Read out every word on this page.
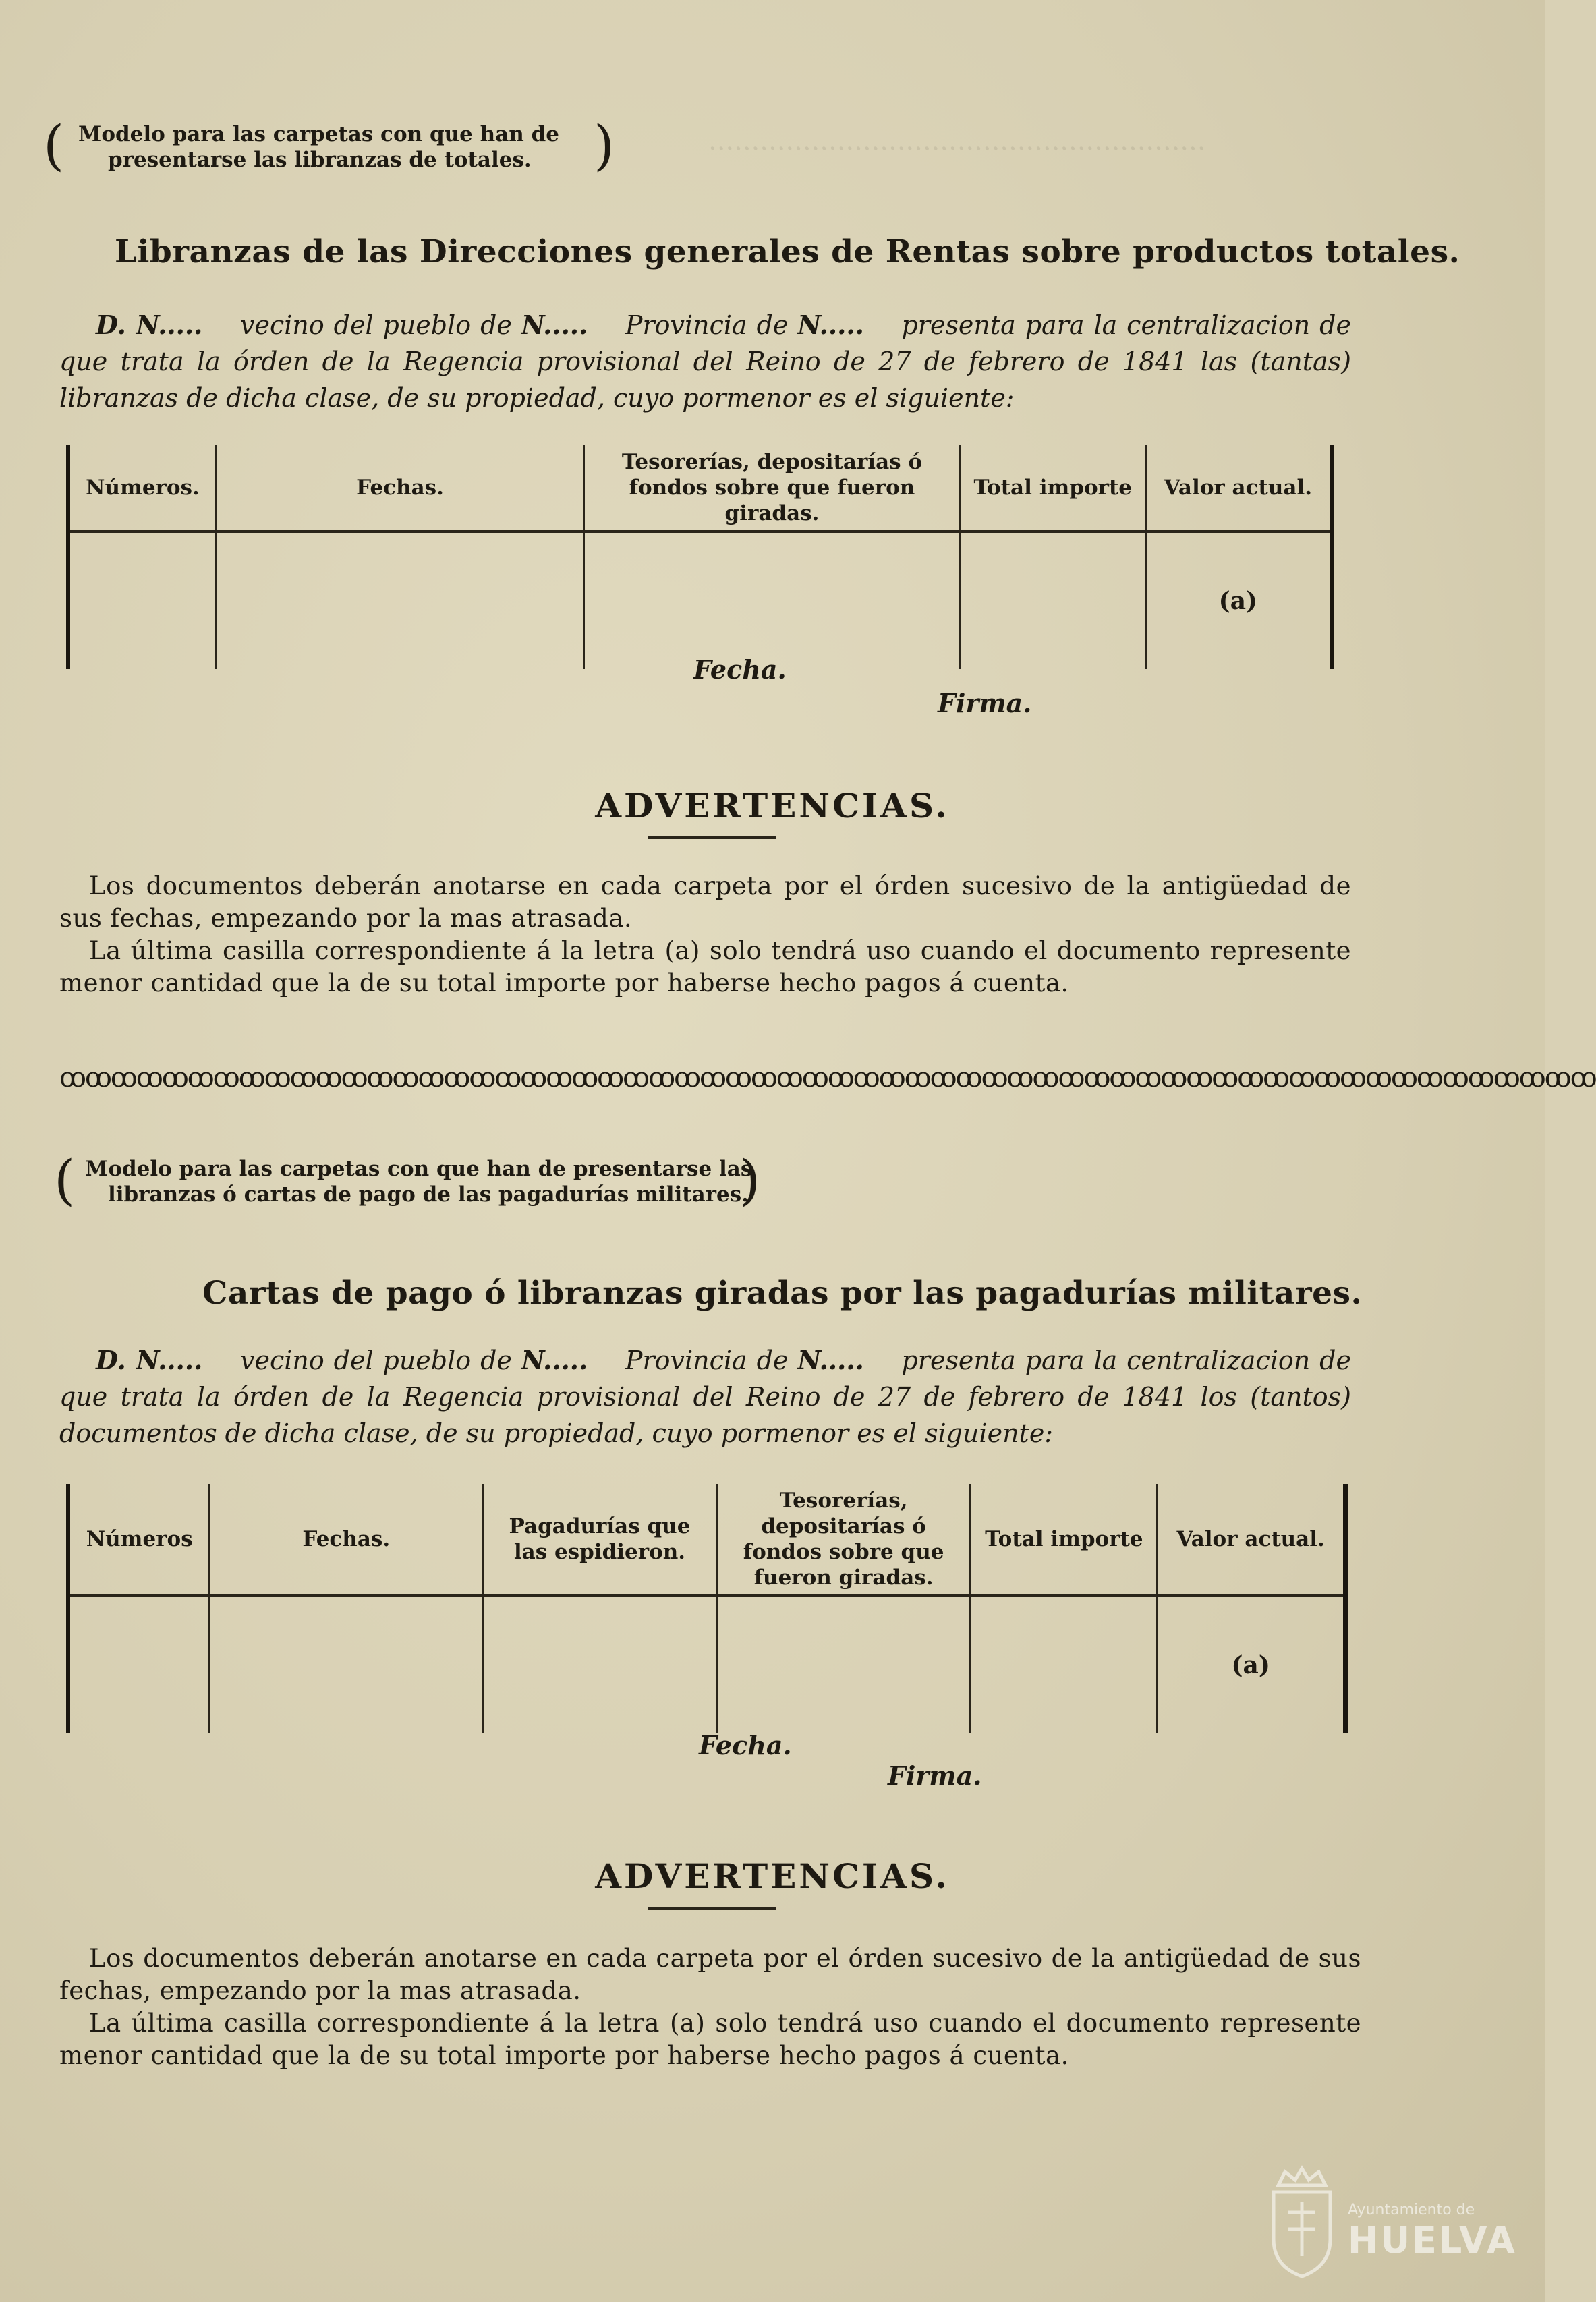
..........................................................
( Modelo para las carpetas con que han de
presentarse las libranzas de totales.	)
Libranzas de las Direcciones generales de Rentas sobre productos totales.
D. N..... vecino del pueblo de N..... Provincia de N..... presenta para la centralizacion de que trata la órden de la Regencia provisional del Reino de 27 de febrero de 1841 las (tantas) libranzas de dicha clase, de su propiedad, cuyo pormenor es el siguiente:
Números.	Fechas.	Tesorerías, depositarías ó fondos sobre que fueron giradas.	Total importe	Valor actual.
				(a)
Fecha.
Firma.
ADVERTENCIAS.

Los documentos deberán anotarse en cada carpeta por el órden sucesivo de la antigüedad de sus fechas, empezando por la mas atrasada.

La última casilla correspondiente á la letra (a) solo tendrá uso cuando el documento represente menor cantidad que la de su total importe por haberse hecho pagos á cuenta.

ꝏꝏꝏꝏꝏꝏꝏꝏꝏꝏꝏꝏꝏꝏꝏꝏꝏꝏꝏꝏꝏꝏꝏꝏꝏꝏꝏꝏꝏꝏꝏꝏꝏꝏꝏꝏꝏꝏꝏꝏꝏꝏꝏꝏꝏꝏꝏꝏꝏꝏꝏꝏꝏꝏꝏꝏꝏꝏꝏꝏ
( Modelo para las carpetas con que han de presentarse las
libranzas ó cartas de pago de las pagadurías militares.
)
Cartas de pago ó libranzas giradas por las pagadurías militares.
D. N..... vecino del pueblo de N..... Provincia de N..... presenta para la centralizacion de que trata la órden de la Regencia provisional del Reino de 27 de febrero de 1841 los (tantos) documentos de dicha clase, de su propiedad, cuyo pormenor es el siguiente:
Números	Fechas.	Pagadurías que las espidieron.	Tesorerías, depositarías ó fondos sobre que fueron giradas.	Total importe	Valor actual.
					(a)
Fecha.
Firma.
ADVERTENCIAS.

Los documentos deberán anotarse en cada carpeta por el órden sucesivo de la antigüedad de sus fechas, empezando por la mas atrasada.

La última casilla correspondiente á la letra (a) solo tendrá uso cuando el documento represente menor cantidad que la de su total importe por haberse hecho pagos á cuenta.

Ayuntamiento de
HUELVA
